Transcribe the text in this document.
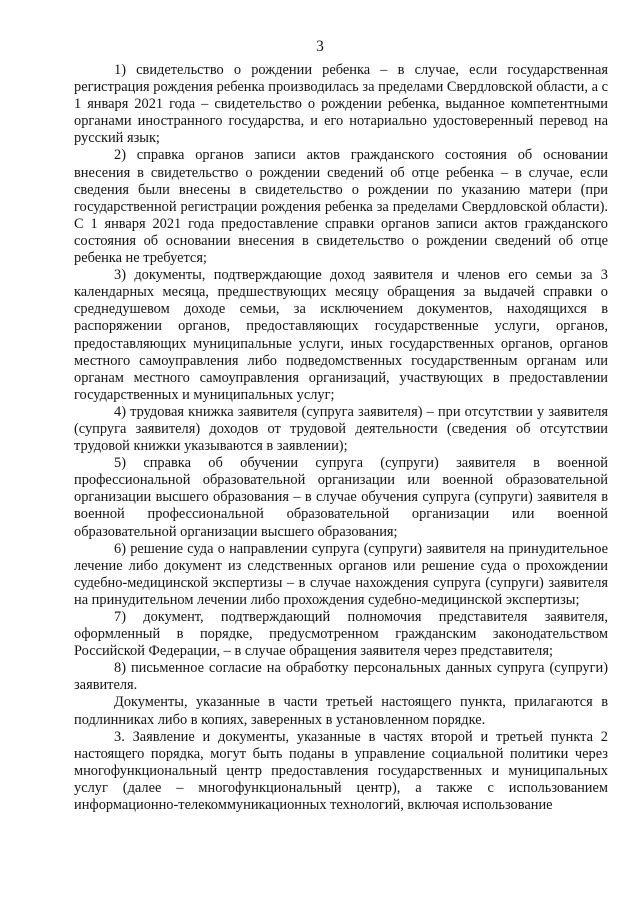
3

1) свидетельство о рождении ребенка – в случае, если государственная регистрация рождения ребенка производилась за пределами Свердловской области, а с 1 января 2021 года – свидетельство о рождении ребенка, выданное компетентными органами иностранного государства, и его нотариально удостоверенный перевод на русский язык;

2) справка органов записи актов гражданского состояния об основании внесения в свидетельство о рождении сведений об отце ребенка – в случае, если сведения были внесены в свидетельство о рождении по указанию матери (при государственной регистрации рождения ребенка за пределами Свердловской области). С 1 января 2021 года предоставление справки органов записи актов гражданского состояния об основании внесения в свидетельство о рождении сведений об отце ребенка не требуется;

3) документы, подтверждающие доход заявителя и членов его семьи за 3 календарных месяца, предшествующих месяцу обращения за выдачей справки о среднедушевом доходе семьи, за исключением документов, находящихся в распоряжении органов, предоставляющих государственные услуги, органов, предоставляющих муниципальные услуги, иных государственных органов, органов местного самоуправления либо подведомственных государственным органам или органам местного самоуправления организаций, участвующих в предоставлении государственных и муниципальных услуг;

4) трудовая книжка заявителя (супруга заявителя) – при отсутствии у заявителя (супруга заявителя) доходов от трудовой деятельности (сведения об отсутствии трудовой книжки указываются в заявлении);

5) справка об обучении супруга (супруги) заявителя в военной профессиональной образовательной организации или военной образовательной организации высшего образования – в случае обучения супруга (супруги) заявителя в военной профессиональной образовательной организации или военной образовательной организации высшего образования;

6) решение суда о направлении супруга (супруги) заявителя на принудительное лечение либо документ из следственных органов или решение суда о прохождении судебно-медицинской экспертизы – в случае нахождения супруга (супруги) заявителя на принудительном лечении либо прохождения судебно-медицинской экспертизы;

7) документ, подтверждающий полномочия представителя заявителя, оформленный в порядке, предусмотренном гражданским законодательством Российской Федерации, – в случае обращения заявителя через представителя;

8) письменное согласие на обработку персональных данных супруга (супруги) заявителя.

Документы, указанные в части третьей настоящего пункта, прилагаются в подлинниках либо в копиях, заверенных в установленном порядке.

3. Заявление и документы, указанные в частях второй и третьей пункта 2 настоящего порядка, могут быть поданы в управление социальной политики через многофункциональный центр предоставления государственных и муниципальных услуг (далее – многофункциональный центр), а также с использованием информационно-телекоммуникационных технологий, включая использование
